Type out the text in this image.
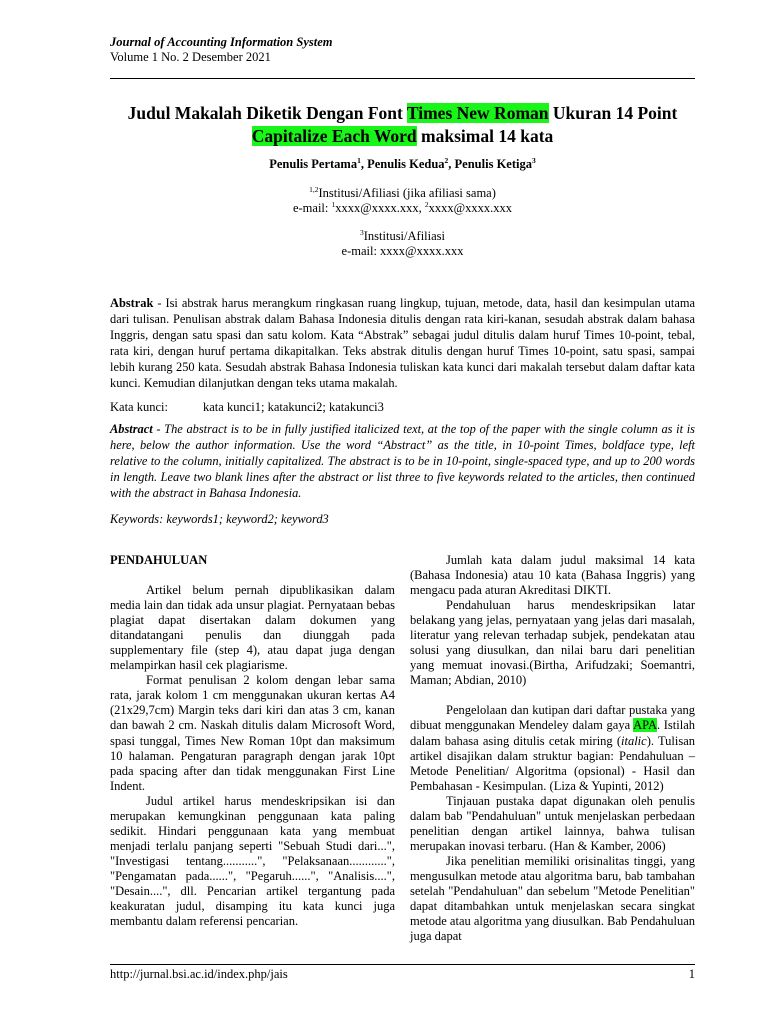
Journal of Accounting Information System
Volume 1 No. 2 Desember 2021
Judul Makalah Diketik Dengan Font Times New Roman Ukuran 14 Point
Capitalize Each Word maksimal 14 kata
Penulis Pertama$^1$, Penulis Kedua$^2$, Penulis Ketiga$^3$
$^{1,2}$Institusi/Afiliasi (jika afiliasi sama)
e-mail: $^1$xxxx@xxxx.xxx, $^2$xxxx@xxxx.xxx
$^3$Institusi/Afiliasi
e-mail: xxxx@xxxx.xxx
Abstrak - Isi abstrak harus merangkum ringkasan ruang lingkup, tujuan, metode, data, hasil dan kesimpulan utama dari tulisan. Penulisan abstrak dalam Bahasa Indonesia ditulis dengan rata kiri-kanan, sesudah abstrak dalam bahasa Inggris, dengan satu spasi dan satu kolom. Kata “Abstrak” sebagai judul ditulis dalam huruf Times 10-point, tebal, rata kiri, dengan huruf pertama dikapitalkan. Teks abstrak ditulis dengan huruf Times 10-point, satu spasi, sampai lebih kurang 250 kata. Sesudah abstrak Bahasa Indonesia tuliskan kata kunci dari makalah tersebut dalam daftar kata kunci. Kemudian dilanjutkan dengan teks utama makalah.
Kata kunci:	kata kunci1; katakunci2; katakunci3
Abstract - The abstract is to be in fully justified italicized text, at the top of the paper with the single column as it is here, below the author information. Use the word “Abstract” as the title, in 10-point Times, boldface type, left relative to the column, initially capitalized. The abstract is to be in 10-point, single-spaced type, and up to 200 words in length. Leave two blank lines after the abstract or list three to five keywords related to the articles, then continued with the abstract in Bahasa Indonesia.
Keywords: keywords1; keyword2; keyword3
PENDAHULUAN

Artikel belum pernah dipublikasikan dalam media lain dan tidak ada unsur plagiat. Pernyataan bebas plagiat dapat disertakan dalam dokumen yang ditandatangani penulis dan diunggah pada supplementary file (step 4), atau dapat juga dengan melampirkan hasil cek plagiarisme.

Format penulisan 2 kolom dengan lebar sama rata, jarak kolom 1 cm menggunakan ukuran kertas A4 (21x29,7cm) Margin teks dari kiri dan atas 3 cm, kanan dan bawah 2 cm. Naskah ditulis dalam Microsoft Word, spasi tunggal, Times New Roman 10pt dan maksimum 10 halaman. Pengaturan paragraph dengan jarak 10pt pada spacing after dan tidak menggunakan First Line Indent.

Judul artikel harus mendeskripsikan isi dan merupakan kemungkinan penggunaan kata paling sedikit. Hindari penggunaan kata yang membuat menjadi terlalu panjang seperti "Sebuah Studi dari...", "Investigasi tentang...........", "Pelaksanaan............", "Pengamatan pada......", "Pegaruh......", "Analisis....", "Desain....", dll. Pencarian artikel tergantung pada keakuratan judul, disamping itu kata kunci juga membantu dalam referensi pencarian.

Jumlah kata dalam judul maksimal 14 kata (Bahasa Indonesia) atau 10 kata (Bahasa Inggris) yang mengacu pada aturan Akreditasi DIKTI.

Pendahuluan harus mendeskripsikan latar belakang yang jelas, pernyataan yang jelas dari masalah, literatur yang relevan terhadap subjek, pendekatan atau solusi yang diusulkan, dan nilai baru dari penelitian yang memuat inovasi.(Birtha, Arifudzaki; Soemantri, Maman; Abdian, 2010)

Pengelolaan dan kutipan dari daftar pustaka yang dibuat menggunakan Mendeley dalam gaya APA. Istilah dalam bahasa asing ditulis cetak miring (italic). Tulisan artikel disajikan dalam struktur bagian: Pendahuluan –Metode Penelitian/ Algoritma (opsional) - Hasil dan Pembahasan - Kesimpulan. (Liza & Yupinti, 2012)

Tinjauan pustaka dapat digunakan oleh penulis dalam bab "Pendahuluan" untuk menjelaskan perbedaan penelitian dengan artikel lainnya, bahwa tulisan merupakan inovasi terbaru. (Han & Kamber, 2006)

Jika penelitian memiliki orisinalitas tinggi, yang mengusulkan metode atau algoritma baru, bab tambahan setelah "Pendahuluan" dan sebelum "Metode Penelitian" dapat ditambahkan untuk menjelaskan secara singkat metode atau algoritma yang diusulkan. Bab Pendahuluan juga dapat

http://jurnal.bsi.ac.id/index.php/jais	1
